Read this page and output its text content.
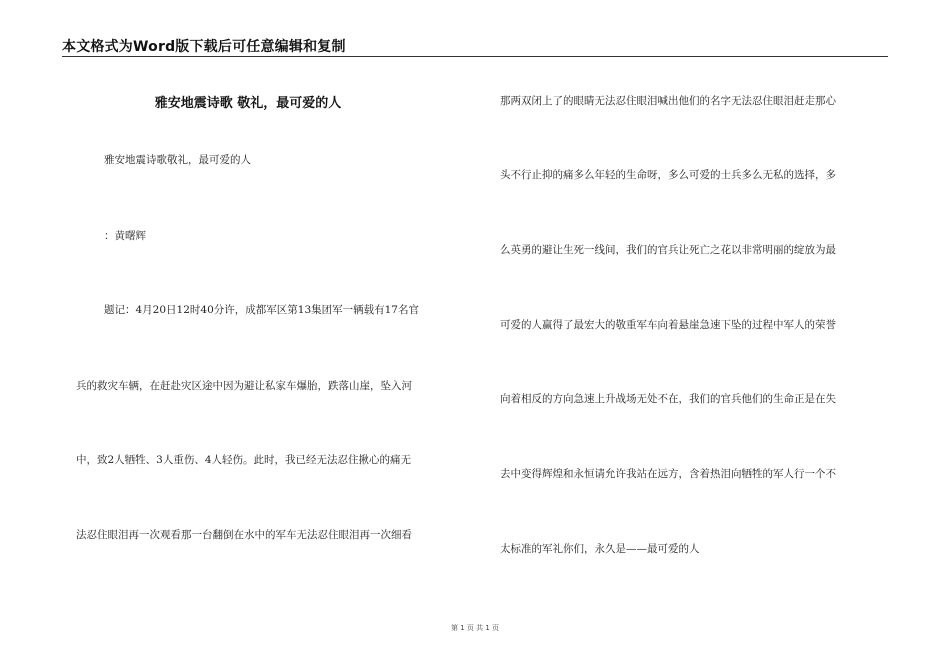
本文格式为Word版下载后可任意编辑和复制
雅安地震诗歌 敬礼，最可爱的人
雅安地震诗歌敬礼，最可爱的人
：黄曙辉
题记：4月20日12时40分许，成都军区第13集团军一辆载有17名官
兵的救灾车辆，在赶赴灾区途中因为避让私家车爆胎，跌落山崖，坠入河
中，致2人牺牲、3人重伤、4人轻伤。此时，我已经无法忍住揪心的痛无
法忍住眼泪再一次观看那一台翻倒在水中的军车无法忍住眼泪再一次细看
那两双闭上了的眼睛无法忍住眼泪喊出他们的名字无法忍住眼泪赶走那心
头不行止抑的痛多么年轻的生命呀，多么可爱的士兵多么无私的选择，多
么英勇的避让生死一线间，我们的官兵让死亡之花以非常明丽的绽放为最
可爱的人赢得了最宏大的敬重军车向着悬崖急速下坠的过程中军人的荣誉
向着相反的方向急速上升战场无处不在，我们的官兵他们的生命正是在失
去中变得辉煌和永恒请允许我站在远方，含着热泪向牺牲的军人行一个不
太标准的军礼你们，永久是——最可爱的人
第 1 页 共 1 页
